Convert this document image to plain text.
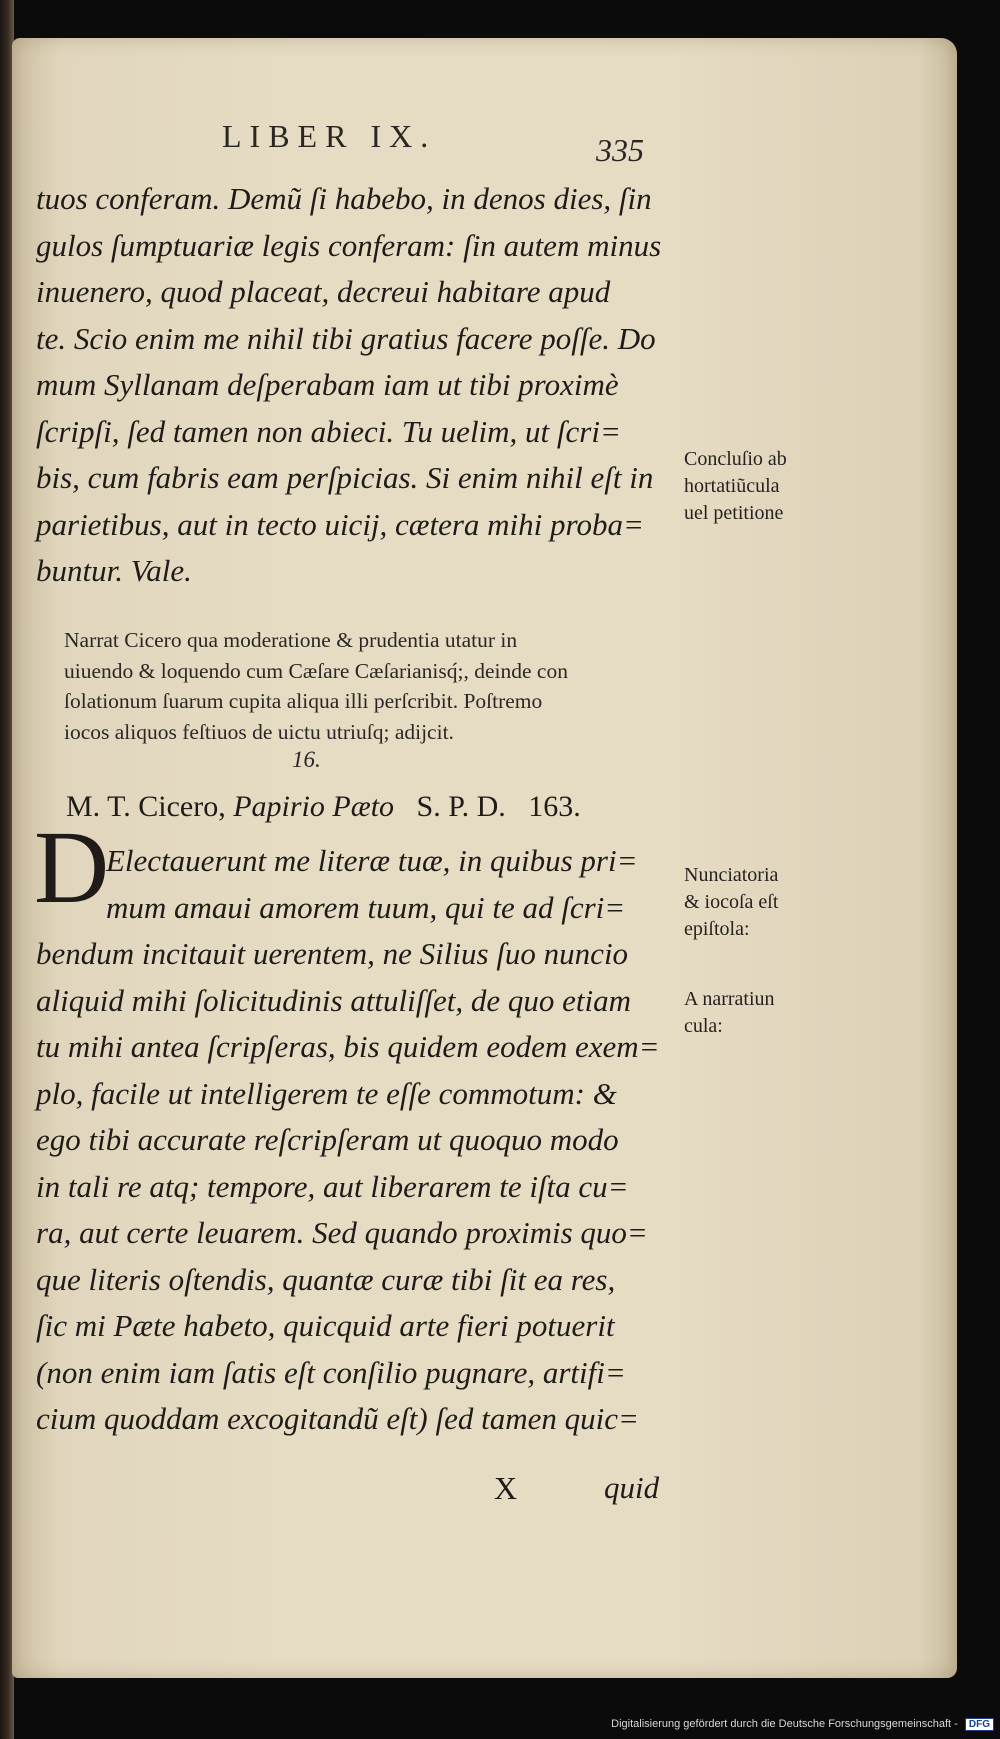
LIBER IX.	335
tuos conferam. Demũ ſi habebo, in denos dies, ſin
gulos ſumptuariæ legis conferam: ſin autem minus
inuenero, quod placeat, decreui habitare apud
te. Scio enim me nihil tibi gratius facere poſſe. Do
mum Syllanam deſperabam iam ut tibi proximè
ſcripſi, ſed tamen non abieci. Tu uelim, ut ſcri=
bis, cum fabris eam perſpicias. Si enim nihil eſt in
parietibus, aut in tecto uicij, cætera mihi proba=
buntur. Vale.
Concluſio ab
hortatiũcula
uel petitione
Narrat Cicero qua moderatione & prudentia utatur in
uiuendo & loquendo cum Cæſare Cæſarianisq́;, deinde con
ſolationum ſuarum cupita aliqua illi perſcribit. Poſtremo
iocos aliquos feſtiuos de uictu utriuſq; adijcit.
16.
M. T. Cicero, Papirio Pæto S. P. D. 163.
D
Electauerunt me literæ tuæ, in quibus pri=
mum amaui amorem tuum, qui te ad ſcri=
bendum incitauit uerentem, ne Silius ſuo nuncio
aliquid mihi ſolicitudinis attuliſſet, de quo etiam
tu mihi antea ſcripſeras, bis quidem eodem exem=
plo, facile ut intelligerem te eſſe commotum: &
ego tibi accurate reſcripſeram ut quoquo modo
in tali re atq; tempore, aut liberarem te iſta cu=
ra, aut certe leuarem. Sed quando proximis quo=
que literis oſtendis, quantæ curæ tibi ſit ea res,
ſic mi Pæte habeto, quicquid arte fieri potuerit
(non enim iam ſatis eſt conſilio pugnare, artifi=
cium quoddam excogitandũ eſt) ſed tamen quic=
Nunciatoria
& iocoſa eſt
epiſtola:
A narratiun
cula:
X	quid
Digitalisierung gefördert durch die Deutsche Forschungsgemeinschaft - DFG
